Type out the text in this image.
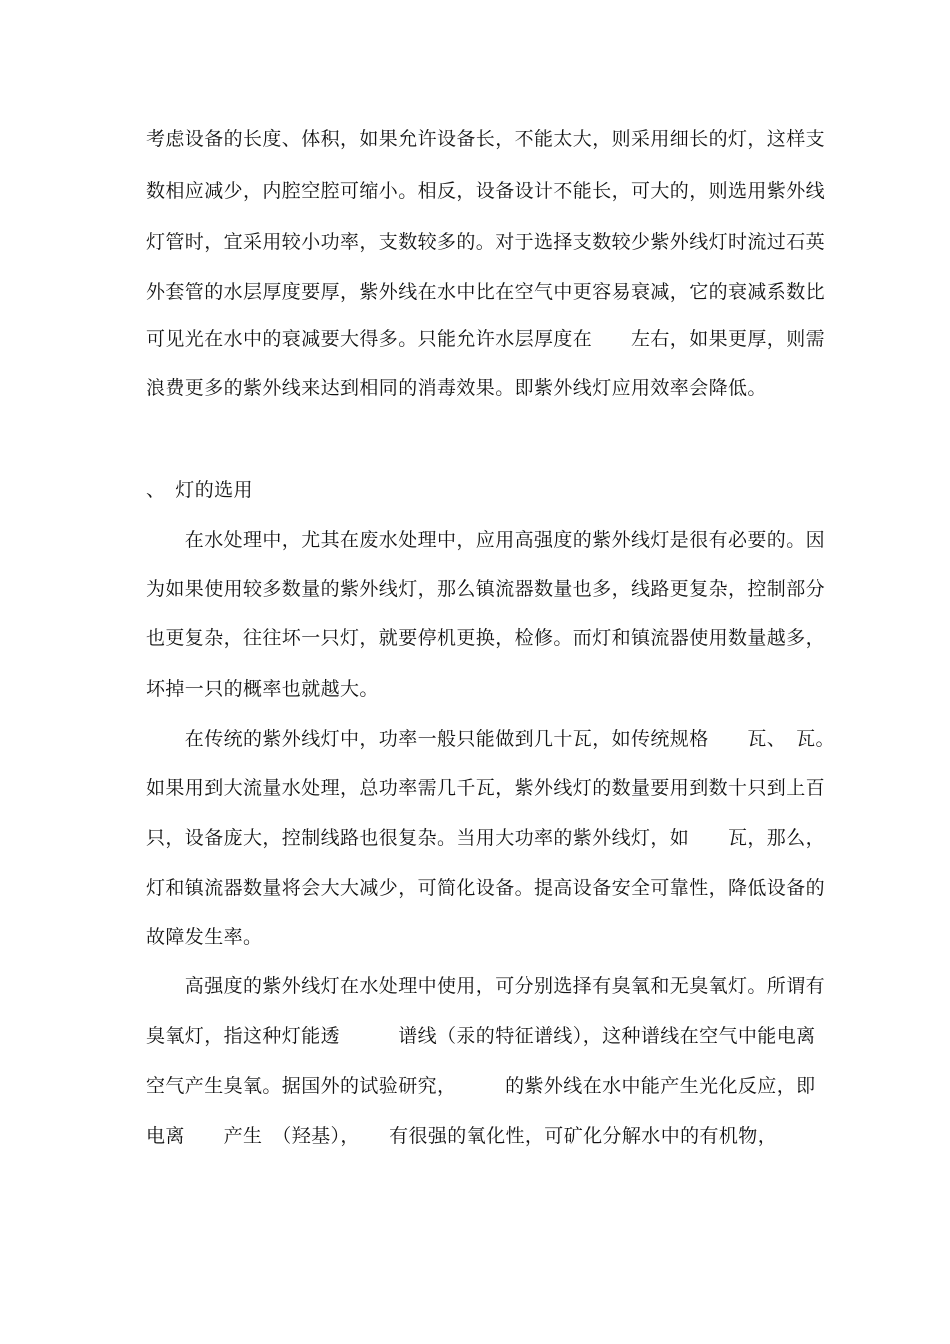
考虑设备的长度、体积，如果允许设备长，不能太大，则采用细长的灯，这样支
数相应减少，内腔空腔可缩小。相反，设备设计不能长，可大的，则选用紫外线
灯管时，宜采用较小功率，支数较多的。对于选择支数较少紫外线灯时流过石英
外套管的水层厚度要厚，紫外线在水中比在空气中更容易衰减，它的衰减系数比
可见光在水中的衰减要大得多。只能允许水层厚度在　　左右，如果更厚，则需
浪费更多的紫外线来达到相同的消毒效果。即紫外线灯应用效率会降低。
、　灯的选用
　　在水处理中，尤其在废水处理中，应用高强度的紫外线灯是很有必要的。因
为如果使用较多数量的紫外线灯，那么镇流器数量也多，线路更复杂，控制部分
也更复杂，往往坏一只灯，就要停机更换，检修。而灯和镇流器使用数量越多，
坏掉一只的概率也就越大。
　　在传统的紫外线灯中，功率一般只能做到几十瓦，如传统规格　　瓦、　瓦。
如果用到大流量水处理，总功率需几千瓦，紫外线灯的数量要用到数十只到上百
只，设备庞大，控制线路也很复杂。当用大功率的紫外线灯，如　　瓦，那么，
灯和镇流器数量将会大大减少，可简化设备。提高设备安全可靠性，降低设备的
故障发生率。
　　高强度的紫外线灯在水处理中使用，可分别选择有臭氧和无臭氧灯。所谓有
臭氧灯，指这种灯能透　　　谱线（汞的特征谱线），这种谱线在空气中能电离
空气产生臭氧。据国外的试验研究，　　　的紫外线在水中能产生光化反应，即
电离　　产生　（羟基），　　有很强的氧化性，可矿化分解水中的有机物，
